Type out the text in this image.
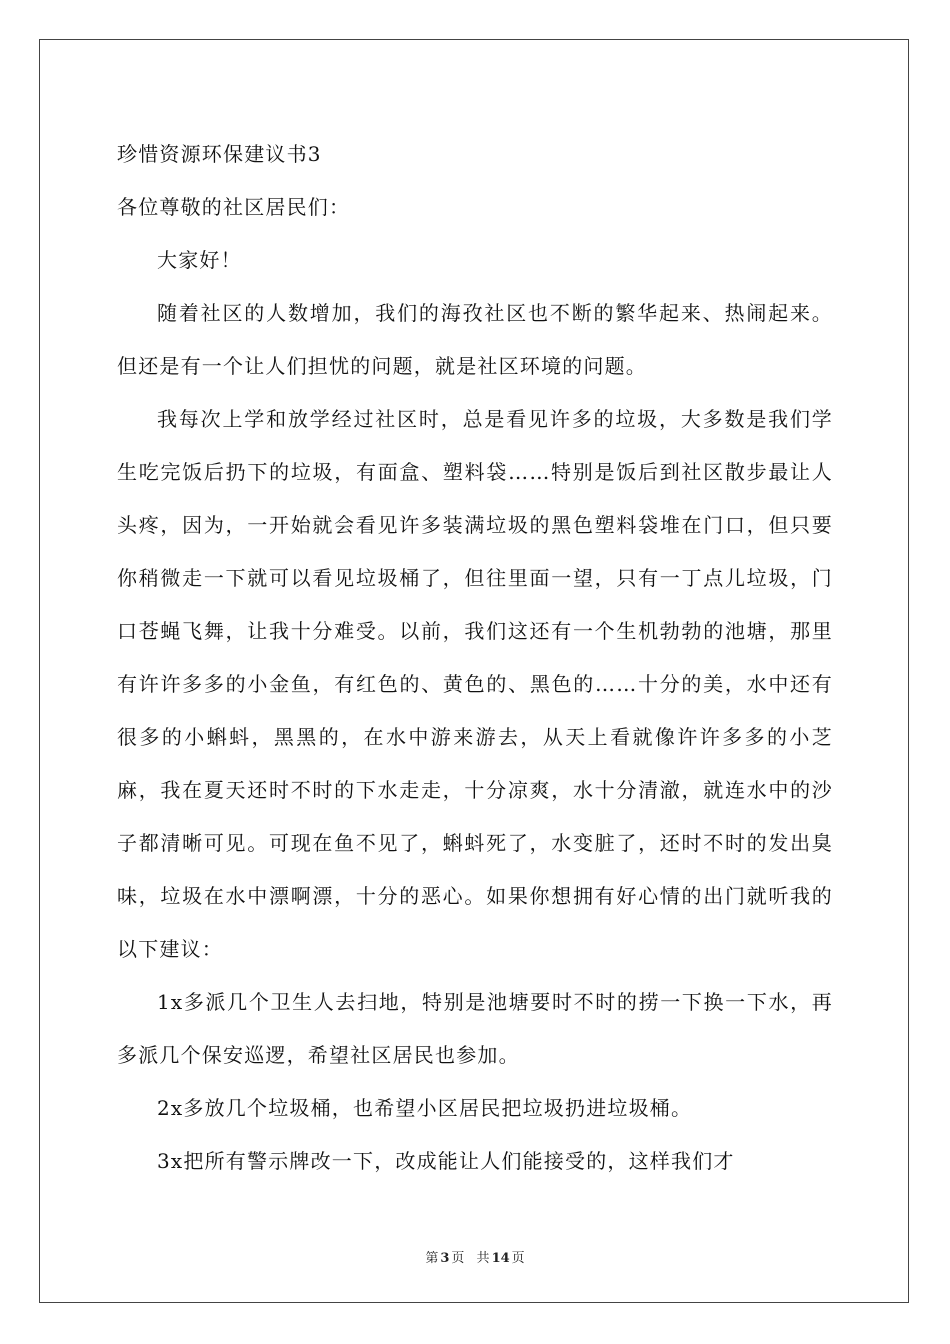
珍惜资源环保建议书3
各位尊敬的社区居民们：
大家好！

随着社区的人数增加，我们的海孜社区也不断的繁华起来、热闹起来。但还是有一个让人们担忧的问题，就是社区环境的问题。

我每次上学和放学经过社区时，总是看见许多的垃圾，大多数是我们学生吃完饭后扔下的垃圾，有面盒、塑料袋……特别是饭后到社区散步最让人头疼，因为，一开始就会看见许多装满垃圾的黑色塑料袋堆在门口，但只要你稍微走一下就可以看见垃圾桶了，但往里面一望，只有一丁点儿垃圾，门口苍蝇飞舞，让我十分难受。以前，我们这还有一个生机勃勃的池塘，那里有许许多多的小金鱼，有红色的、黄色的、黑色的……十分的美，水中还有很多的小蝌蚪，黑黑的，在水中游来游去，从天上看就像许许多多的小芝麻，我在夏天还时不时的下水走走，十分凉爽，水十分清澈，就连水中的沙子都清晰可见。可现在鱼不见了，蝌蚪死了，水变脏了，还时不时的发出臭味，垃圾在水中漂啊漂，十分的恶心。如果你想拥有好心情的出门就听我的以下建议：

1x多派几个卫生人去扫地，特别是池塘要时不时的捞一下换一下水，再多派几个保安巡逻，希望社区居民也参加。

2x多放几个垃圾桶，也希望小区居民把垃圾扔进垃圾桶。

3x把所有警示牌改一下，改成能让人们能接受的，这样我们才

第 3 页 共 14 页
